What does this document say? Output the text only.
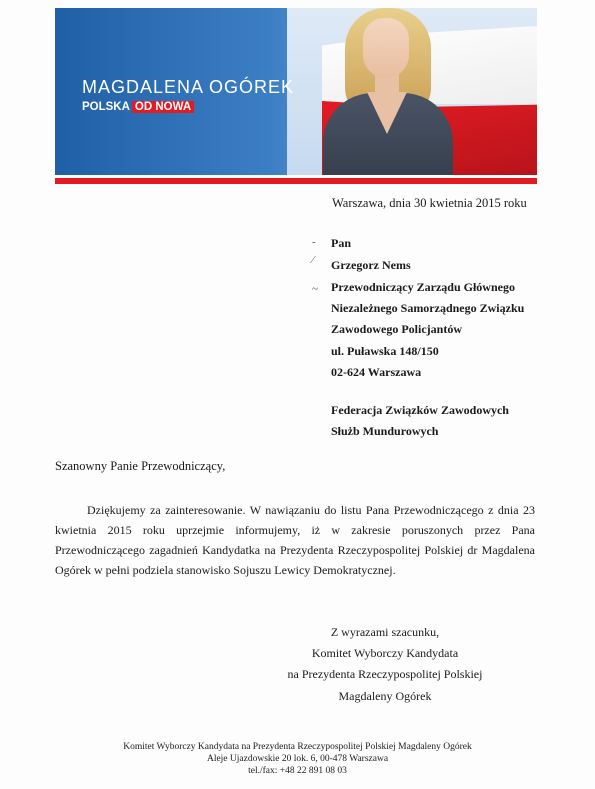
MAGDALENA OGÓREK
POLSKA OD NOWA
Warszawa, dnia 30 kwietnia 2015 roku
-
⁄
~
Pan
Grzegorz Nems
Przewodniczący Zarządu Głównego
Niezależnego Samorządnego Związku
Zawodowego Policjantów
ul. Puławska 148/150
02-624 Warszawa
Federacja Związków Zawodowych
Służb Mundurowych
Szanowny Panie Przewodniczący,

Dziękujemy za zainteresowanie. W nawiązaniu do listu Pana Przewodniczącego z dnia 23 kwietnia 2015 roku uprzejmie informujemy, iż w zakresie poruszonych przez Pana Przewodniczącego zagadnień Kandydatka na Prezydenta Rzeczypospolitej Polskiej dr Magdalena Ogórek w pełni podziela stanowisko Sojuszu Lewicy Demokratycznej.

Z wyrazami szacunku,
Komitet Wyborczy Kandydata
na Prezydenta Rzeczypospolitej Polskiej
Magdaleny Ogórek
Komitet Wyborczy Kandydata na Prezydenta Rzeczypospolitej Polskiej Magdaleny Ogórek
Aleje Ujazdowskie 20 lok. 6, 00-478 Warszawa
tel./fax: +48 22 891 08 03
